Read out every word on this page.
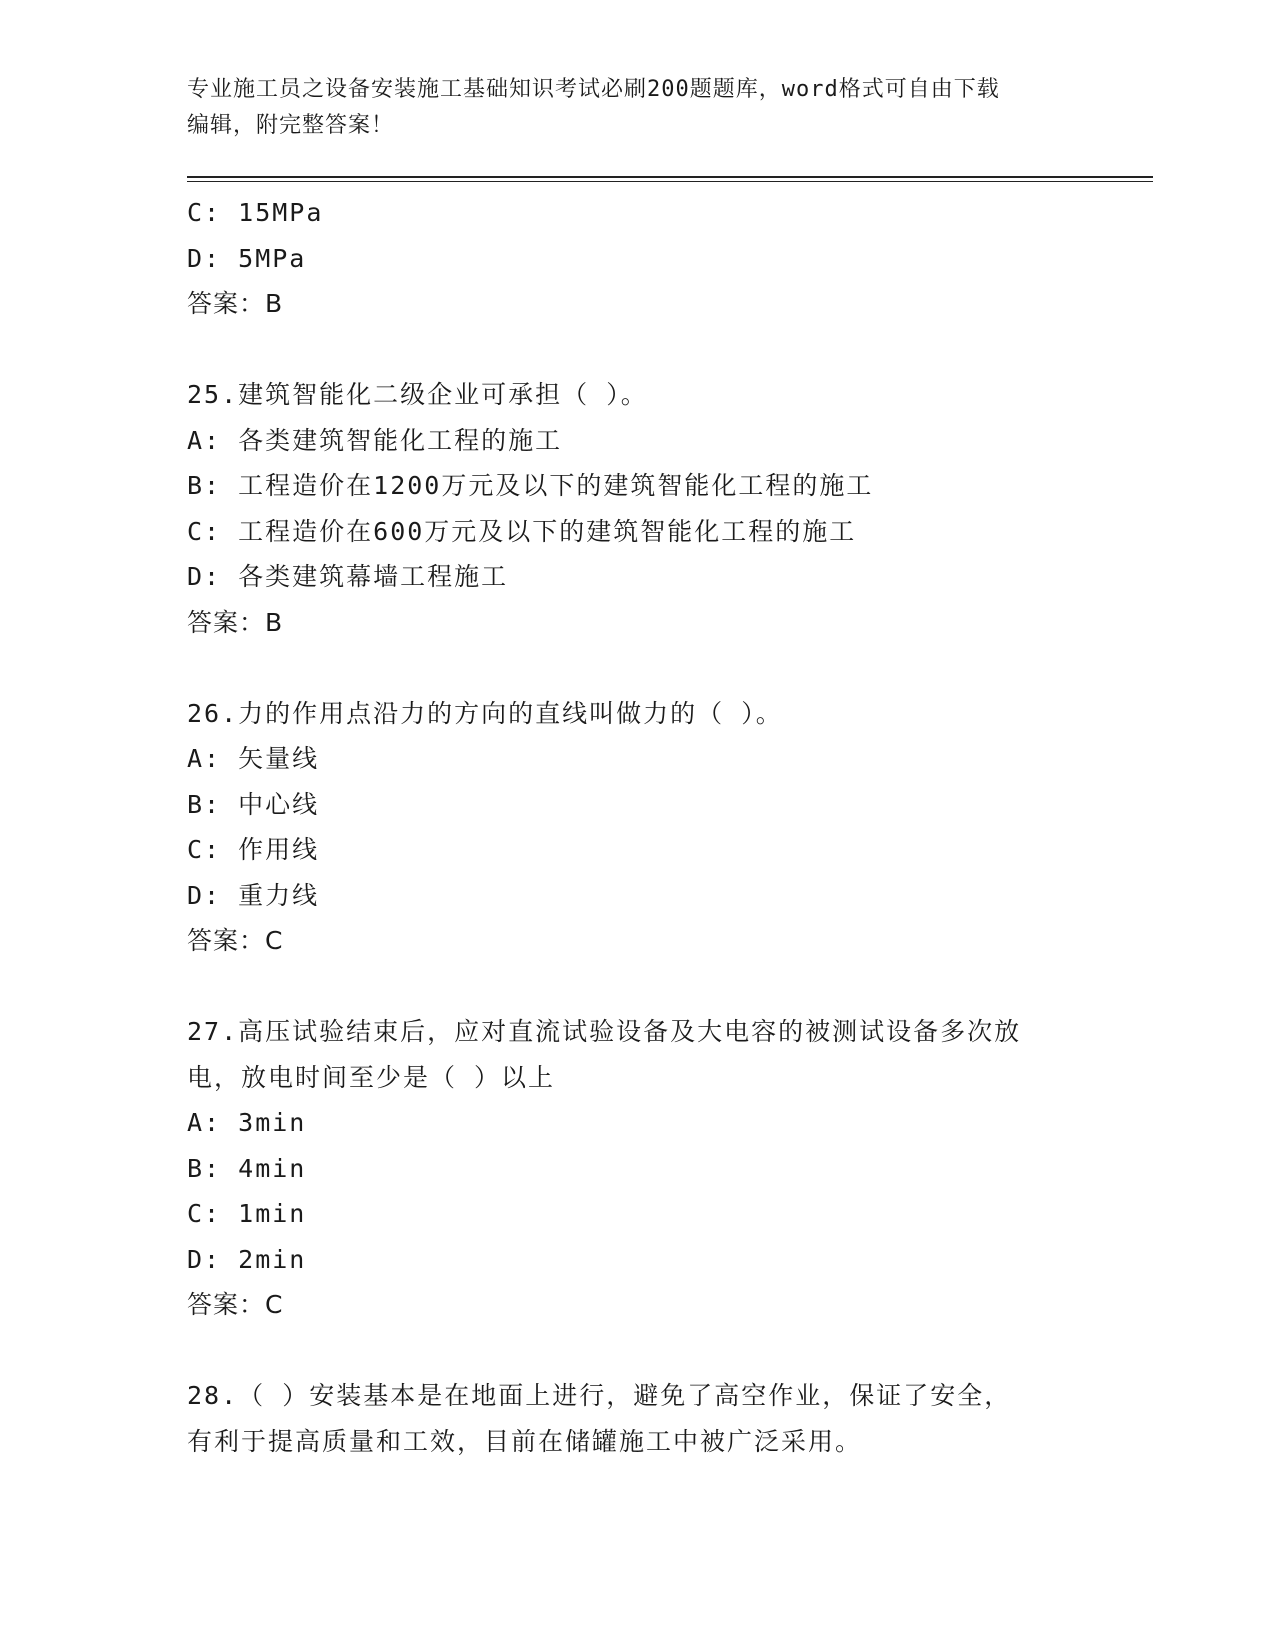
专业施工员之设备安装施工基础知识考试必刷200题题库，word格式可自由下载
编辑，附完整答案！
C: 15MPa
D: 5MPa
答案：B
25.建筑智能化二级企业可承担（ ）。
A: 各类建筑智能化工程的施工
B: 工程造价在1200万元及以下的建筑智能化工程的施工
C: 工程造价在600万元及以下的建筑智能化工程的施工
D: 各类建筑幕墙工程施工
答案：B
26.力的作用点沿力的方向的直线叫做力的（ ）。
A: 矢量线
B: 中心线
C: 作用线
D: 重力线
答案：C
27.高压试验结束后，应对直流试验设备及大电容的被测试设备多次放
电，放电时间至少是（ ）以上
A: 3min
B: 4min
C: 1min
D: 2min
答案：C
28.（ ）安装基本是在地面上进行，避免了高空作业，保证了安全，
有利于提高质量和工效，目前在储罐施工中被广泛采用。
